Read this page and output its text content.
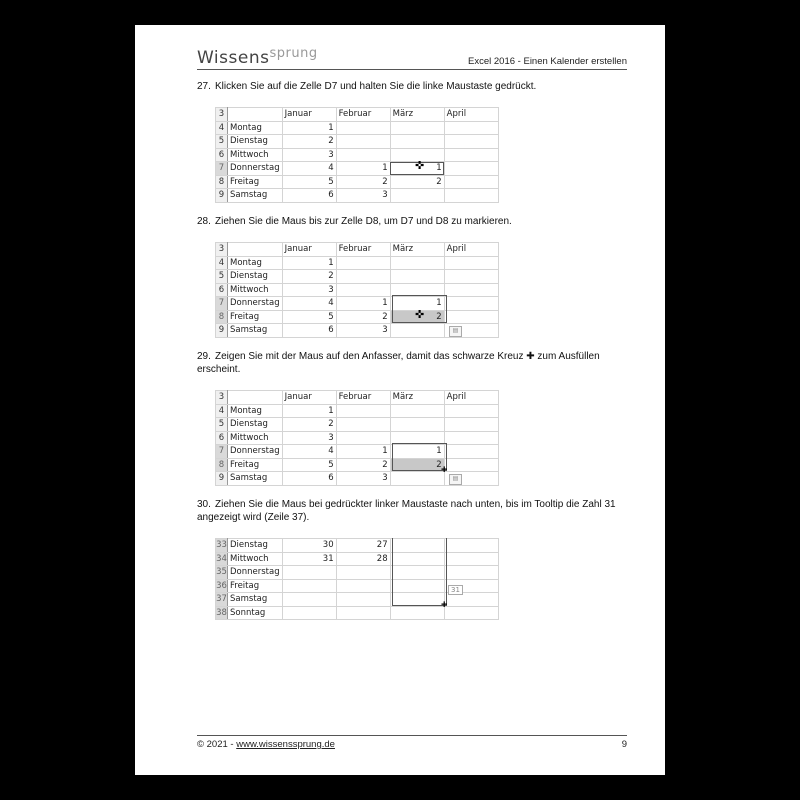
Wissens$^{sprung}$
Excel 2016 - Einen Kalender erstellen
27. Klicken Sie auf die Zelle D7 und halten Sie die linke Maustaste gedrückt.
3		Januar	Februar	März	April
4	Montag	1			
5	Dienstag	2			
6	Mittwoch	3			
7	Donnerstag	4	1	1	
8	Freitag	5	2	2	
9	Samstag	6	3		
✜
28. Ziehen Sie die Maus bis zur Zelle D8, um D7 und D8 zu markieren.
3		Januar	Februar	März	April
4	Montag	1			
5	Dienstag	2			
6	Mittwoch	3			
7	Donnerstag	4	1	1	
8	Freitag	5	2	2	
9	Samstag	6	3		
✜
▤
29. Zeigen Sie mit der Maus auf den Anfasser, damit das schwarze Kreuz ✚ zum Ausfüllen erscheint.
3		Januar	Februar	März	April
4	Montag	1			
5	Dienstag	2			
6	Mittwoch	3			
7	Donnerstag	4	1	1	
8	Freitag	5	2	2	
9	Samstag	6	3		
+
▤
30. Ziehen Sie die Maus bei gedrückter linker Maustaste nach unten, bis im Tooltip die Zahl 31 angezeigt wird (Zeile 37).
33	Dienstag	30	27		
34	Mittwoch	31	28		
35	Donnerstag				
36	Freitag				
37	Samstag				
38	Sonntag				
31
+
© 2021 - www.wissenssprung.de	9
